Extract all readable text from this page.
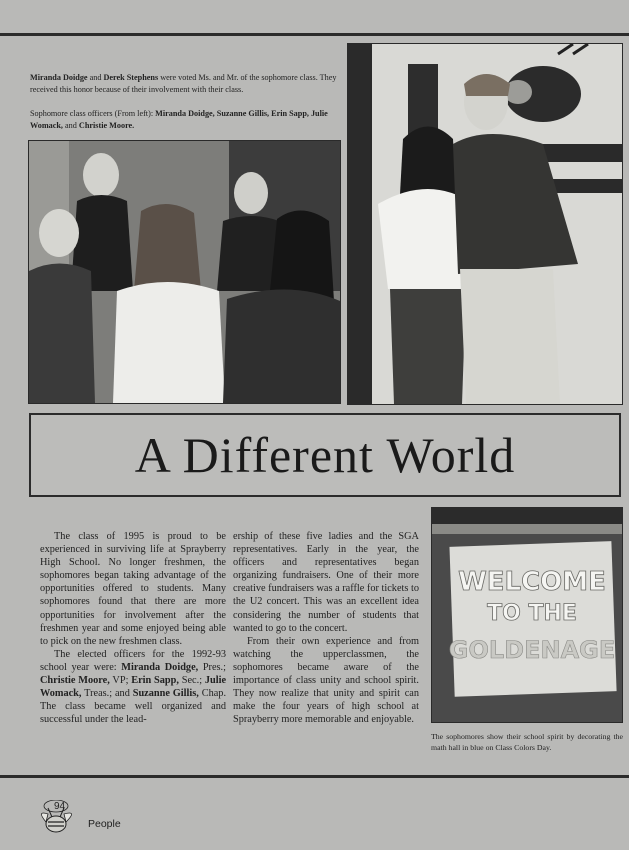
Miranda Doidge and Derek Stephens were voted Ms. and Mr. of the sophomore class. They received this honor because of their involvement with their class.
Sophomore class officers (From left): Miranda Doidge, Suzanne Gillis, Erin Sapp, Julie Womack, and Christie Moore.
A Different World

The class of 1995 is proud to be experienced in surviving life at Sprayberry High School. No longer freshmen, the sophomores began taking advantage of the opportunities offered to students. Many sophomores found that there are more opportunities for involvement after the freshmen year and some enjoyed being able to pick on the new freshmen class.

The elected officers for the 1992-93 school year were: Miranda Doidge, Pres.; Christie Moore, VP; Erin Sapp, Sec.; Julie Womack, Treas.; and Suzanne Gillis, Chap. The class became well organized and successful under the lead-

ership of these five ladies and the SGA representatives. Early in the year, the officers and representatives began organizing fundraisers. One of their more creative fundraisers was a raffle for tickets to the U2 concert. This was an excellent idea considering the number of students that wanted to go to the concert.

From their own experience and from watching the upperclassmen, the sophomores became aware of the importance of class unity and school spirit. They now realize that unity and spirit can make the four years of high school at Sprayberry more memorable and enjoyable.

WELCOME
TO THE
GOLDENAGE
The sophomores show their school spirit by decorating the math hall in blue on Class Colors Day.
94
People
